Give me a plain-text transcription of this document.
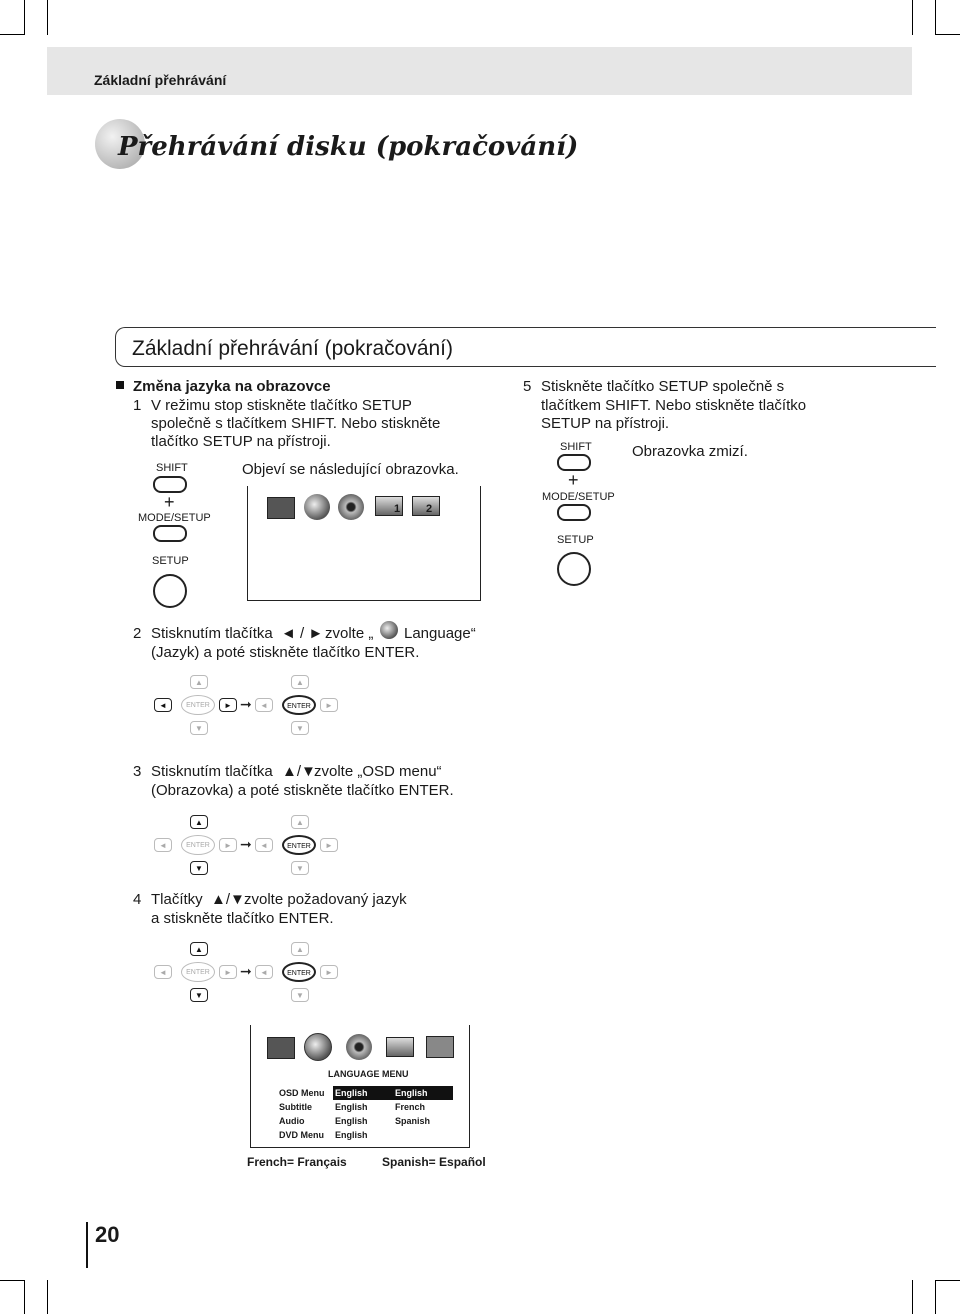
Základní přehrávání
Přehrávání disku (pokračování)
Základní přehrávání (pokračování)
Změna jazyka na obrazovce
1 V režimu stop stiskněte tlačítko SETUP
společně s tlačítkem SHIFT. Nebo stiskněte
tlačítko SETUP na přístroji.
SHIFT
+
MODE/SETUP
SETUP
Objeví se následující obrazovka.
1 2
5 Stiskněte tlačítko SETUP společně s
tlačítkem SHIFT. Nebo stiskněte tlačítko
SETUP na přístroji.
SHIFT
+
MODE/SETUP
SETUP
Obrazovka zmizí.
2 Stisknutím tlačítka ◄ / ► zvolte „ Language“
(Jazyk) a poté stiskněte tlačítko ENTER.
▲
◄	ENTER	►
▼
➞
▲
◄	ENTER	►
▼
3 Stisknutím tlačítka ▲/▼
zvolte „OSD menu“
(Obrazovka) a poté stiskněte tlačítko ENTER.
▲
◄	ENTER	►
▼
➞
▲
◄	ENTER	►
▼
4 Tlačítky ▲/▼ zvolte požadovaný jazyk
a stiskněte tlačítko ENTER.
▲
◄	ENTER	►
▼
➞
▲
◄	ENTER	►
▼
LANGUAGE MENU
OSD Menu	English	English
Subtitle	English	French
Audio	English	Spanish
DVD Menu	English	
French= Français	Spanish= Español
20
